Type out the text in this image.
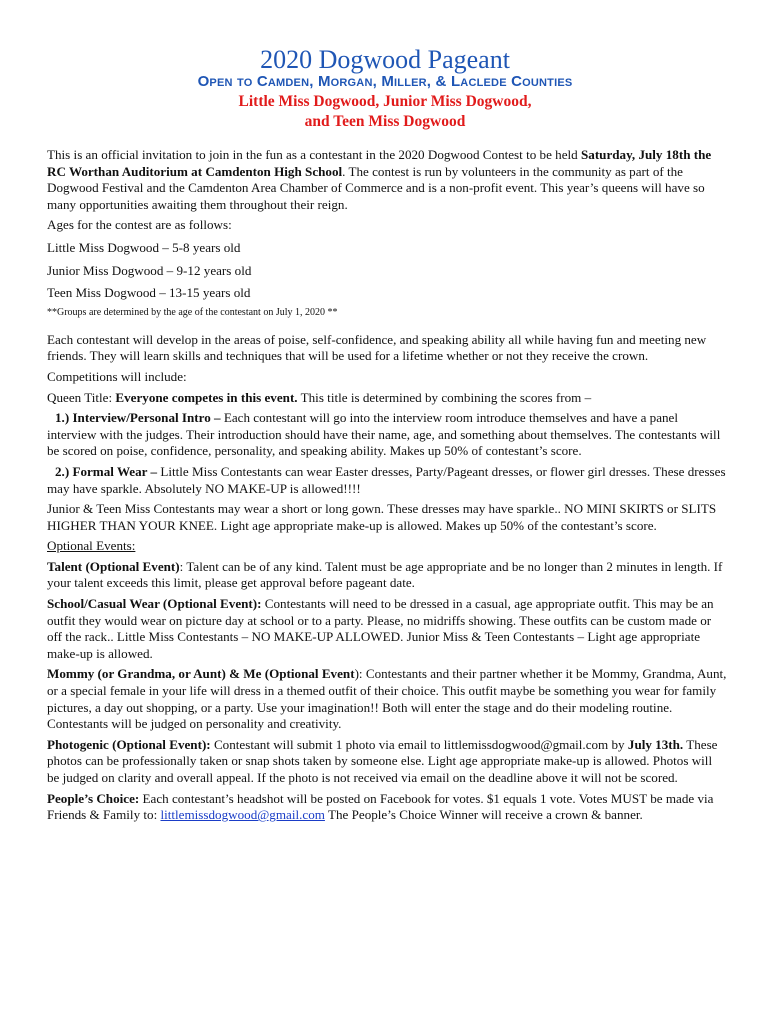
2020 Dogwood Pageant
Open to Camden, Morgan, Miller, & Laclede Counties
Little Miss Dogwood, Junior Miss Dogwood,
and Teen Miss Dogwood

This is an official invitation to join in the fun as a contestant in the 2020 Dogwood Contest to be held Saturday, July 18th the RC Worthan Auditorium at Camdenton High School. The contest is run by volunteers in the community as part of the Dogwood Festival and the Camdenton Area Chamber of Commerce and is a non-profit event. This year’s queens will have so many opportunities awaiting them throughout their reign.

Ages for the contest are as follows:

Little Miss Dogwood – 5-8 years old

Junior Miss Dogwood – 9-12 years old

Teen Miss Dogwood – 13-15 years old

**Groups are determined by the age of the contestant on July 1, 2020 **

Each contestant will develop in the areas of poise, self-confidence, and speaking ability all while having fun and meeting new friends. They will learn skills and techniques that will be used for a lifetime whether or not they receive the crown.

Competitions will include:

Queen Title: Everyone competes in this event. This title is determined by combining the scores from –

1.) Interview/Personal Intro – Each contestant will go into the interview room introduce themselves and have a panel interview with the judges. Their introduction should have their name, age, and something about themselves. The contestants will be scored on poise, confidence, personality, and speaking ability. Makes up 50% of contestant’s score.

2.) Formal Wear – Little Miss Contestants can wear Easter dresses, Party/Pageant dresses, or flower girl dresses. These dresses may have sparkle. Absolutely NO MAKE-UP is allowed!!!!

Junior & Teen Miss Contestants may wear a short or long gown. These dresses may have sparkle.. NO MINI SKIRTS or SLITS HIGHER THAN YOUR KNEE. Light age appropriate make-up is allowed. Makes up 50% of the contestant’s score.

Optional Events:

Talent (Optional Event): Talent can be of any kind. Talent must be age appropriate and be no longer than 2 minutes in length. If your talent exceeds this limit, please get approval before pageant date.

School/Casual Wear (Optional Event): Contestants will need to be dressed in a casual, age appropriate outfit. This may be an outfit they would wear on picture day at school or to a party. Please, no midriffs showing. These outfits can be custom made or off the rack.. Little Miss Contestants – NO MAKE-UP ALLOWED. Junior Miss & Teen Contestants – Light age appropriate make-up is allowed.

Mommy (or Grandma, or Aunt) & Me (Optional Event): Contestants and their partner whether it be Mommy, Grandma, Aunt, or a special female in your life will dress in a themed outfit of their choice. This outfit maybe be something you wear for family pictures, a day out shopping, or a party. Use your imagination!! Both will enter the stage and do their modeling routine. Contestants will be judged on personality and creativity.

Photogenic (Optional Event): Contestant will submit 1 photo via email to littlemissdogwood@gmail.com by July 13th. These photos can be professionally taken or snap shots taken by someone else. Light age appropriate make-up is allowed. Photos will be judged on clarity and overall appeal. If the photo is not received via email on the deadline above it will not be scored.

People’s Choice: Each contestant’s headshot will be posted on Facebook for votes. $1 equals 1 vote. Votes MUST be made via Friends & Family to: littlemissdogwood@gmail.com The People’s Choice Winner will receive a crown & banner.
